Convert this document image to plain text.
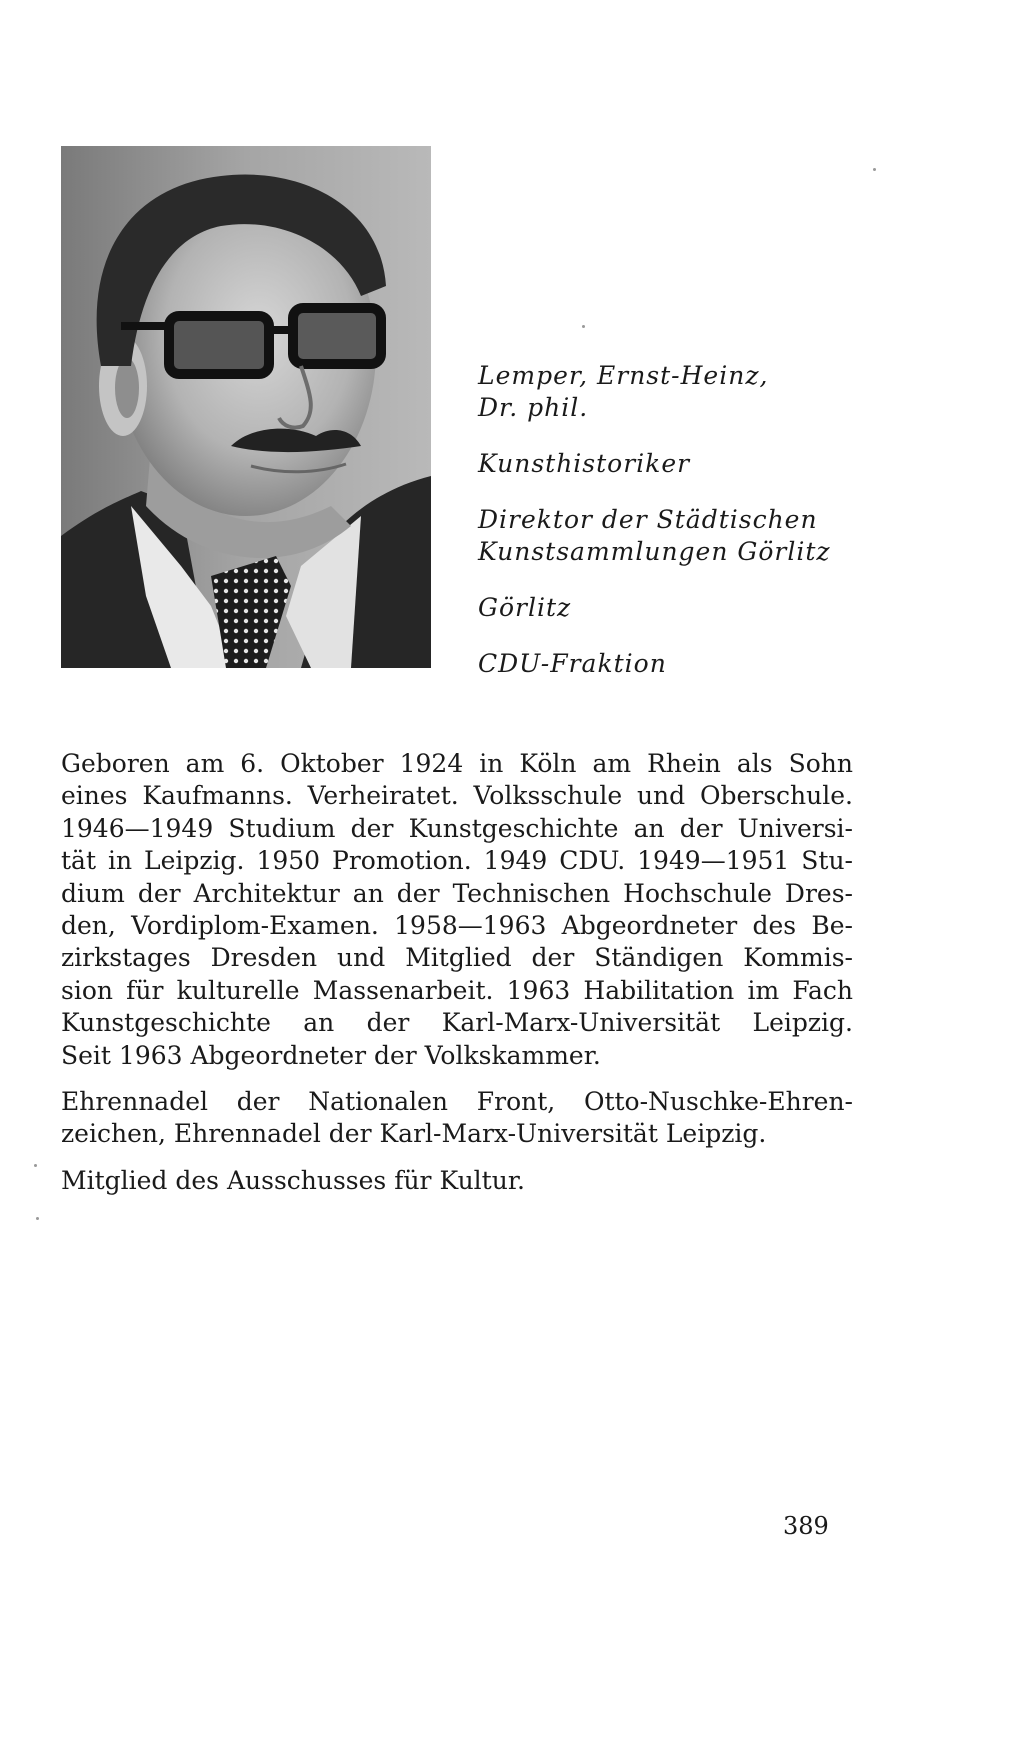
Lemper, Ernst-Heinz,
Dr. phil.
Kunsthistoriker
Direktor der Städtischen
Kunstsammlungen Görlitz
Görlitz
CDU-Fraktion

Geboren am 6. Oktober 1924 in Köln am Rhein als Sohn
eines Kaufmanns. Verheiratet. Volksschule und Oberschule.
1946—1949 Studium der Kunstgeschichte an der Universi-
tät in Leipzig. 1950 Promotion. 1949 CDU. 1949—1951 Stu-
dium der Architektur an der Technischen Hochschule Dres-
den, Vordiplom-Examen. 1958—1963 Abgeordneter des Be-
zirkstages Dresden und Mitglied der Ständigen Kommis-
sion für kulturelle Massenarbeit. 1963 Habilitation im Fach
Kunstgeschichte an der Karl-Marx-Universität Leipzig.
Seit 1963 Abgeordneter der Volkskammer.

Ehrennadel der Nationalen Front, Otto-Nuschke-Ehren-
zeichen, Ehrennadel der Karl-Marx-Universität Leipzig.

Mitglied des Ausschusses für Kultur.

389
